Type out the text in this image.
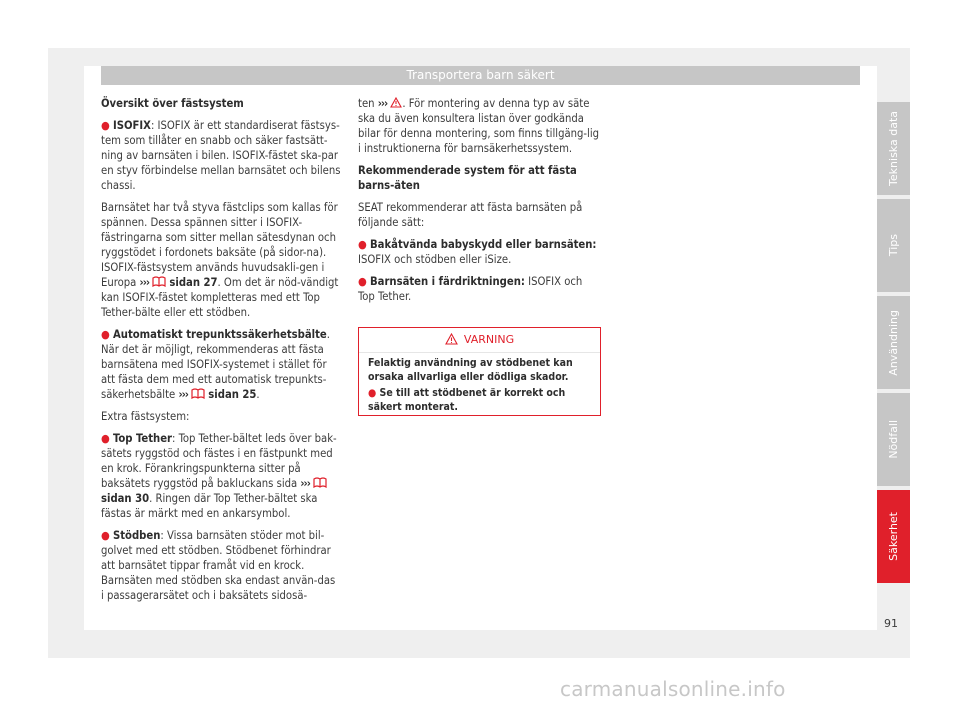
Transportera barn säkert

Översikt över fästsystem

● ISOFIX: ISOFIX är ett standardiserat fästsys-tem som tillåter en snabb och säker fastsätt-ning av barnsäten i bilen. ISOFIX-fästet ska-par en styv förbindelse mellan barnsätet och bilens chassi.

Barnsätet har två styva fästclips som kallas för spännen. Dessa spännen sitter i ISOFIX-fästringarna som sitter mellan sätesdynan och ryggstödet i fordonets baksäte (på sidor-na). ISOFIX-fästsystem används huvudsakli-gen i Europa ››› sidan 27. Om det är nöd-vändigt kan ISOFIX-fästet kompletteras med ett Top Tether-bälte eller ett stödben.

● Automatiskt trepunktssäkerhetsbälte. När det är möjligt, rekommenderas att fästa barnsätena med ISOFIX-systemet i stället för att fästa dem med ett automatisk trepunkts-säkerhetsbälte ››› sidan 25.

Extra fästsystem:

● Top Tether: Top Tether-bältet leds över bak-sätets ryggstöd och fästes i en fästpunkt med en krok. Förankringspunkterna sitter på baksätets ryggstöd på bakluckans sida ›››  sidan 30. Ringen där Top Tether-bältet ska fästas är märkt med en ankarsymbol.

● Stödben: Vissa barnsäten stöder mot bil-golvet med ett stödben. Stödbenet förhindrar att barnsätet tippar framåt vid en krock. Barnsäten med stödben ska endast använ-das i passagerarsätet och i baksätets sidosä-

ten ››› . För montering av denna typ av säte ska du även konsultera listan över godkända bilar för denna montering, som finns tillgäng-lig i instruktionerna för barnsäkerhetssystem.

Rekommenderade system för att fästa barns-äten

SEAT rekommenderar att fästa barnsäten på följande sätt:

● Bakåtvända babyskydd eller barnsäten: ISOFIX och stödben eller iSize.

● Barnsäten i färdriktningen: ISOFIX och Top Tether.

VARNING

Felaktig användning av stödbenet kan orsaka allvarliga eller dödliga skador.

● Se till att stödbenet är korrekt och säkert monterat.

Tekniska data
Tips
Användning
Nödfall
Säkerhet
91
carmanualsonline.info
